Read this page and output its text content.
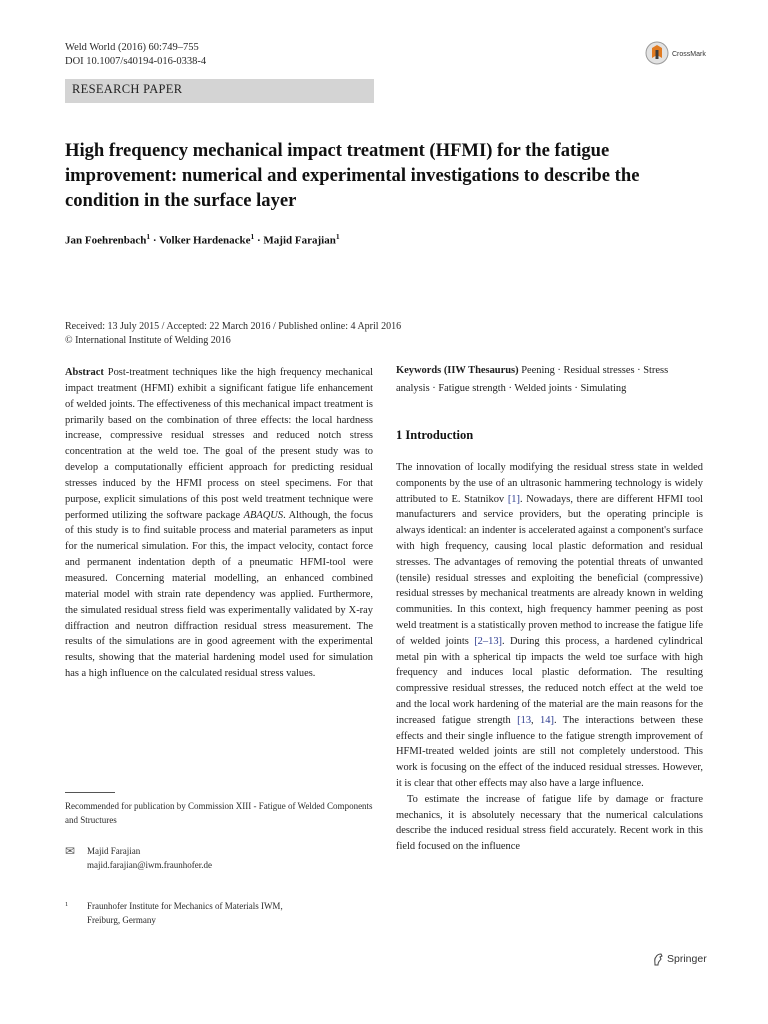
Weld World (2016) 60:749–755
DOI 10.1007/s40194-016-0338-4
CrossMark
RESEARCH PAPER
High frequency mechanical impact treatment (HFMI) for the fatigue improvement: numerical and experimental investigations to describe the condition in the surface layer
Jan Foehrenbach$^1$ · Volker Hardenacke$^1$ · Majid Farajian$^1$
Received: 13 July 2015 / Accepted: 22 March 2016 / Published online: 4 April 2016
© International Institute of Welding 2016
Abstract Post-treatment techniques like the high frequency mechanical impact treatment (HFMI) exhibit a significant fatigue life enhancement of welded joints. The effectiveness of this mechanical impact treatment is primarily based on the combination of three effects: the local hardness increase, compressive residual stresses and reduced notch stress concentration at the weld toe. The goal of the present study was to develop a computationally efficient approach for predicting residual stresses induced by the HFMI process on steel specimens. For that purpose, explicit simulations of this post weld treatment technique were performed utilizing the software package ABAQUS. Although, the focus of this study is to find suitable process and material parameters as input for the numerical simulation. For this, the impact velocity, contact force and permanent indentation depth of a pneumatic HFMI-tool were measured. Concerning material modelling, an enhanced combined material model with strain rate dependency was applied. Furthermore, the simulated residual stress field was experimentally validated by X-ray diffraction and neutron diffraction residual stress measurement. The results of the simulations are in good agreement with the experimental results, showing that the material hardening model used for simulation has a high influence on the calculated residual stress values.
Recommended for publication by Commission XIII - Fatigue of Welded Components and Structures
✉	Majid Farajian
majid.farajian@iwm.fraunhofer.de
1	Fraunhofer Institute for Mechanics of Materials IWM,
Freiburg, Germany
Keywords (IIW Thesaurus) Peening · Residual stresses · Stress analysis · Fatigue strength · Welded joints · Simulating
1 Introduction

The innovation of locally modifying the residual stress state in welded components by the use of an ultrasonic hammering technology is widely attributed to E. Statnikov [1]. Nowadays, there are different HFMI tool manufacturers and service providers, but the operating principle is always identical: an indenter is accelerated against a component's surface with high frequency, causing local plastic deformation and residual stresses. The advantages of removing the potential threats of unwanted (tensile) residual stresses and exploiting the beneficial (compressive) residual stresses by mechanical treatments are already known in welding communities. In this context, high frequency hammer peening as post weld treatment is a statistically proven method to increase the fatigue life of welded joints [2–13]. During this process, a hardened cylindrical metal pin with a spherical tip impacts the weld toe surface with high frequency and induces local plastic deformation. The resulting compressive residual stresses, the reduced notch effect at the weld toe and the local work hardening of the material are the main reasons for the increased fatigue strength [13, 14]. The interactions between these effects and their single influence to the fatigue strength improvement of HFMI-treated welded joints are still not completely understood. This work is focusing on the effect of the induced residual stresses. However, it is clear that other effects may also have a large influence.

To estimate the increase of fatigue life by damage or fracture mechanics, it is absolutely necessary that the numerical calculations describe the induced residual stress field accurately. Recent work in this field focused on the influence

Springer
